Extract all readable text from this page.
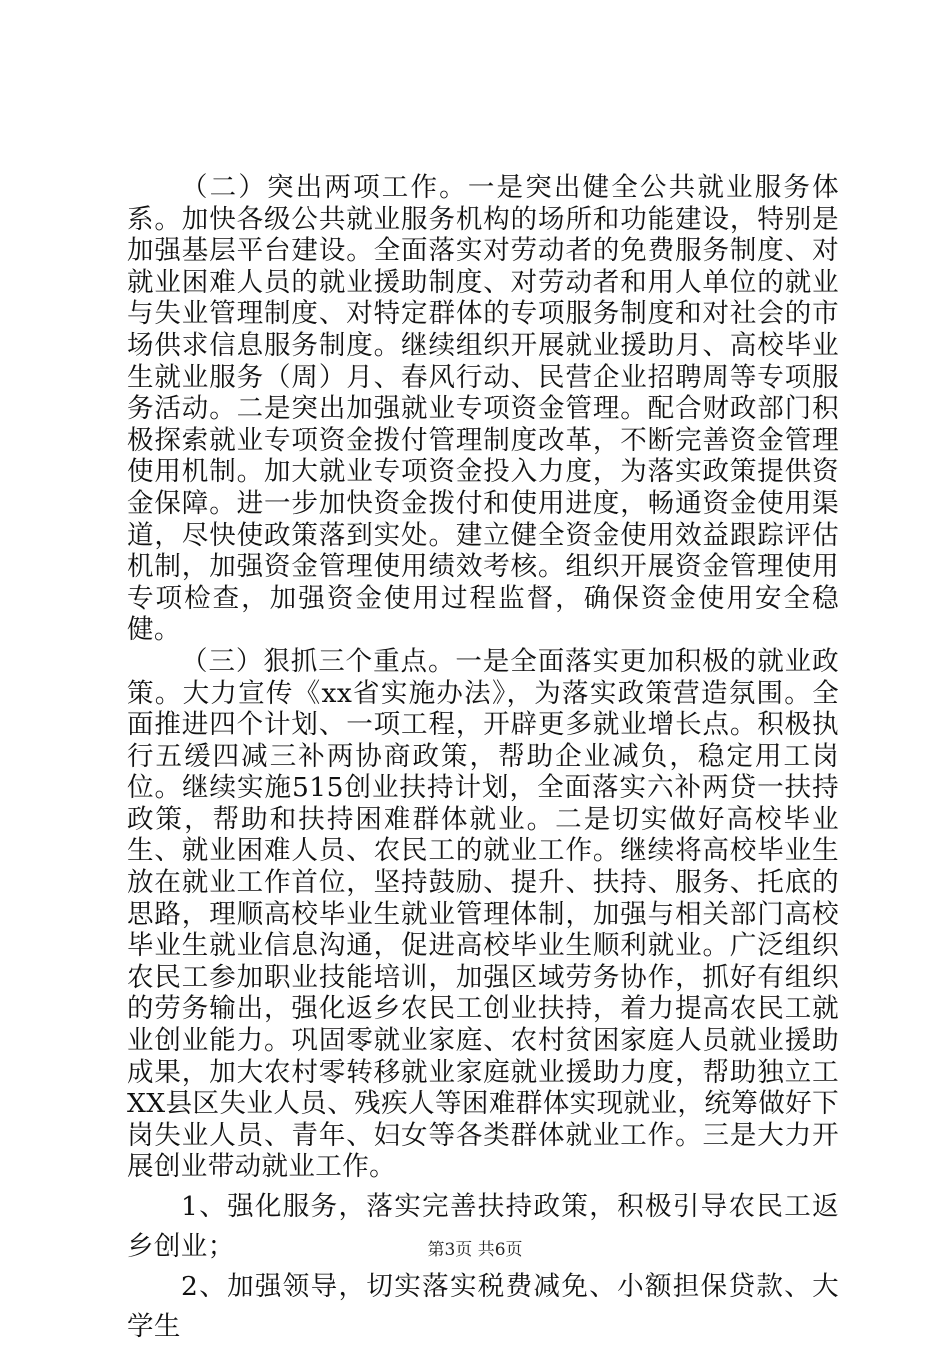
（二）突出两项工作。一是突出健全公共就业服务体系。加快各级公共就业服务机构的场所和功能建设，特别是加强基层平台建设。全面落实对劳动者的免费服务制度、对就业困难人员的就业援助制度、对劳动者和用人单位的就业与失业管理制度、对特定群体的专项服务制度和对社会的市场供求信息服务制度。继续组织开展就业援助月、高校毕业生就业服务（周）月、春风行动、民营企业招聘周等专项服务活动。二是突出加强就业专项资金管理。配合财政部门积极探索就业专项资金拨付管理制度改革，不断完善资金管理使用机制。加大就业专项资金投入力度，为落实政策提供资金保障。进一步加快资金拨付和使用进度，畅通资金使用渠道，尽快使政策落到实处。建立健全资金使用效益跟踪评估机制，加强资金管理使用绩效考核。组织开展资金管理使用专项检查，加强资金使用过程监督，确保资金使用安全稳健。

（三）狠抓三个重点。一是全面落实更加积极的就业政策。大力宣传《xx省实施办法》，为落实政策营造氛围。全面推进四个计划、一项工程，开辟更多就业增长点。积极执行五缓四减三补两协商政策，帮助企业减负，稳定用工岗位。继续实施515创业扶持计划，全面落实六补两贷一扶持政策，帮助和扶持困难群体就业。二是切实做好高校毕业生、就业困难人员、农民工的就业工作。继续将高校毕业生放在就业工作首位，坚持鼓励、提升、扶持、服务、托底的思路，理顺高校毕业生就业管理体制，加强与相关部门高校毕业生就业信息沟通，促进高校毕业生顺利就业。广泛组织农民工参加职业技能培训，加强区域劳务协作，抓好有组织的劳务输出，强化返乡农民工创业扶持，着力提高农民工就业创业能力。巩固零就业家庭、农村贫困家庭人员就业援助成果，加大农村零转移就业家庭就业援助力度，帮助独立工XX县区失业人员、残疾人等困难群体实现就业，统筹做好下岗失业人员、青年、妇女等各类群体就业工作。三是大力开展创业带动就业工作。

1、强化服务，落实完善扶持政策，积极引导农民工返乡创业；

2、加强领导，切实落实税费减免、小额担保贷款、大学生

第3页 共6页
